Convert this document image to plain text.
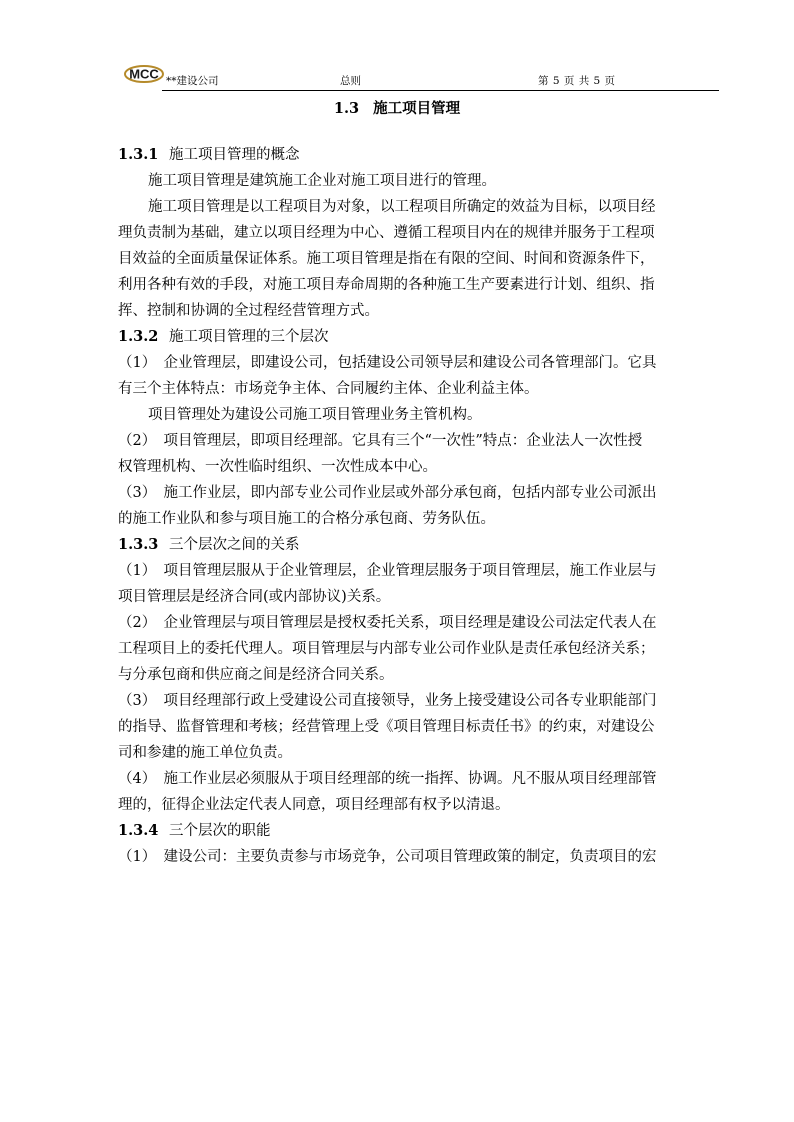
MCC **建设公司	总则	第 5 页 共 5 页
1.3 施工项目管理
1.3.1 施工项目管理的概念
施工项目管理是建筑施工企业对施工项目进行的管理。
施工项目管理是以工程项目为对象，以工程项目所确定的效益为目标，以项目经
理负责制为基础，建立以项目经理为中心、遵循工程项目内在的规律并服务于工程项
目效益的全面质量保证体系。施工项目管理是指在有限的空间、时间和资源条件下，
利用各种有效的手段，对施工项目寿命周期的各种施工生产要素进行计划、组织、指
挥、控制和协调的全过程经营管理方式。
1.3.2 施工项目管理的三个层次
（1）　企业管理层，即建设公司，包括建设公司领导层和建设公司各管理部门。它具
有三个主体特点：市场竞争主体、合同履约主体、企业利益主体。
项目管理处为建设公司施工项目管理业务主管机构。
（2）　项目管理层，即项目经理部。它具有三个“一次性”特点：企业法人一次性授
权管理机构、一次性临时组织、一次性成本中心。
（3）　施工作业层，即内部专业公司作业层或外部分承包商，包括内部专业公司派出
的施工作业队和参与项目施工的合格分承包商、劳务队伍。
1.3.3 三个层次之间的关系
（1）　项目管理层服从于企业管理层，企业管理层服务于项目管理层，施工作业层与
项目管理层是经济合同(或内部协议)关系。
（2）　企业管理层与项目管理层是授权委托关系，项目经理是建设公司法定代表人在
工程项目上的委托代理人。项目管理层与内部专业公司作业队是责任承包经济关系；
与分承包商和供应商之间是经济合同关系。
（3）　项目经理部行政上受建设公司直接领导，业务上接受建设公司各专业职能部门
的指导、监督管理和考核；经营管理上受《项目管理目标责任书》的约束，对建设公
司和参建的施工单位负责。
（4）　施工作业层必须服从于项目经理部的统一指挥、协调。凡不服从项目经理部管
理的，征得企业法定代表人同意，项目经理部有权予以清退。
1.3.4 三个层次的职能
（1）　建设公司：主要负责参与市场竞争，公司项目管理政策的制定，负责项目的宏
